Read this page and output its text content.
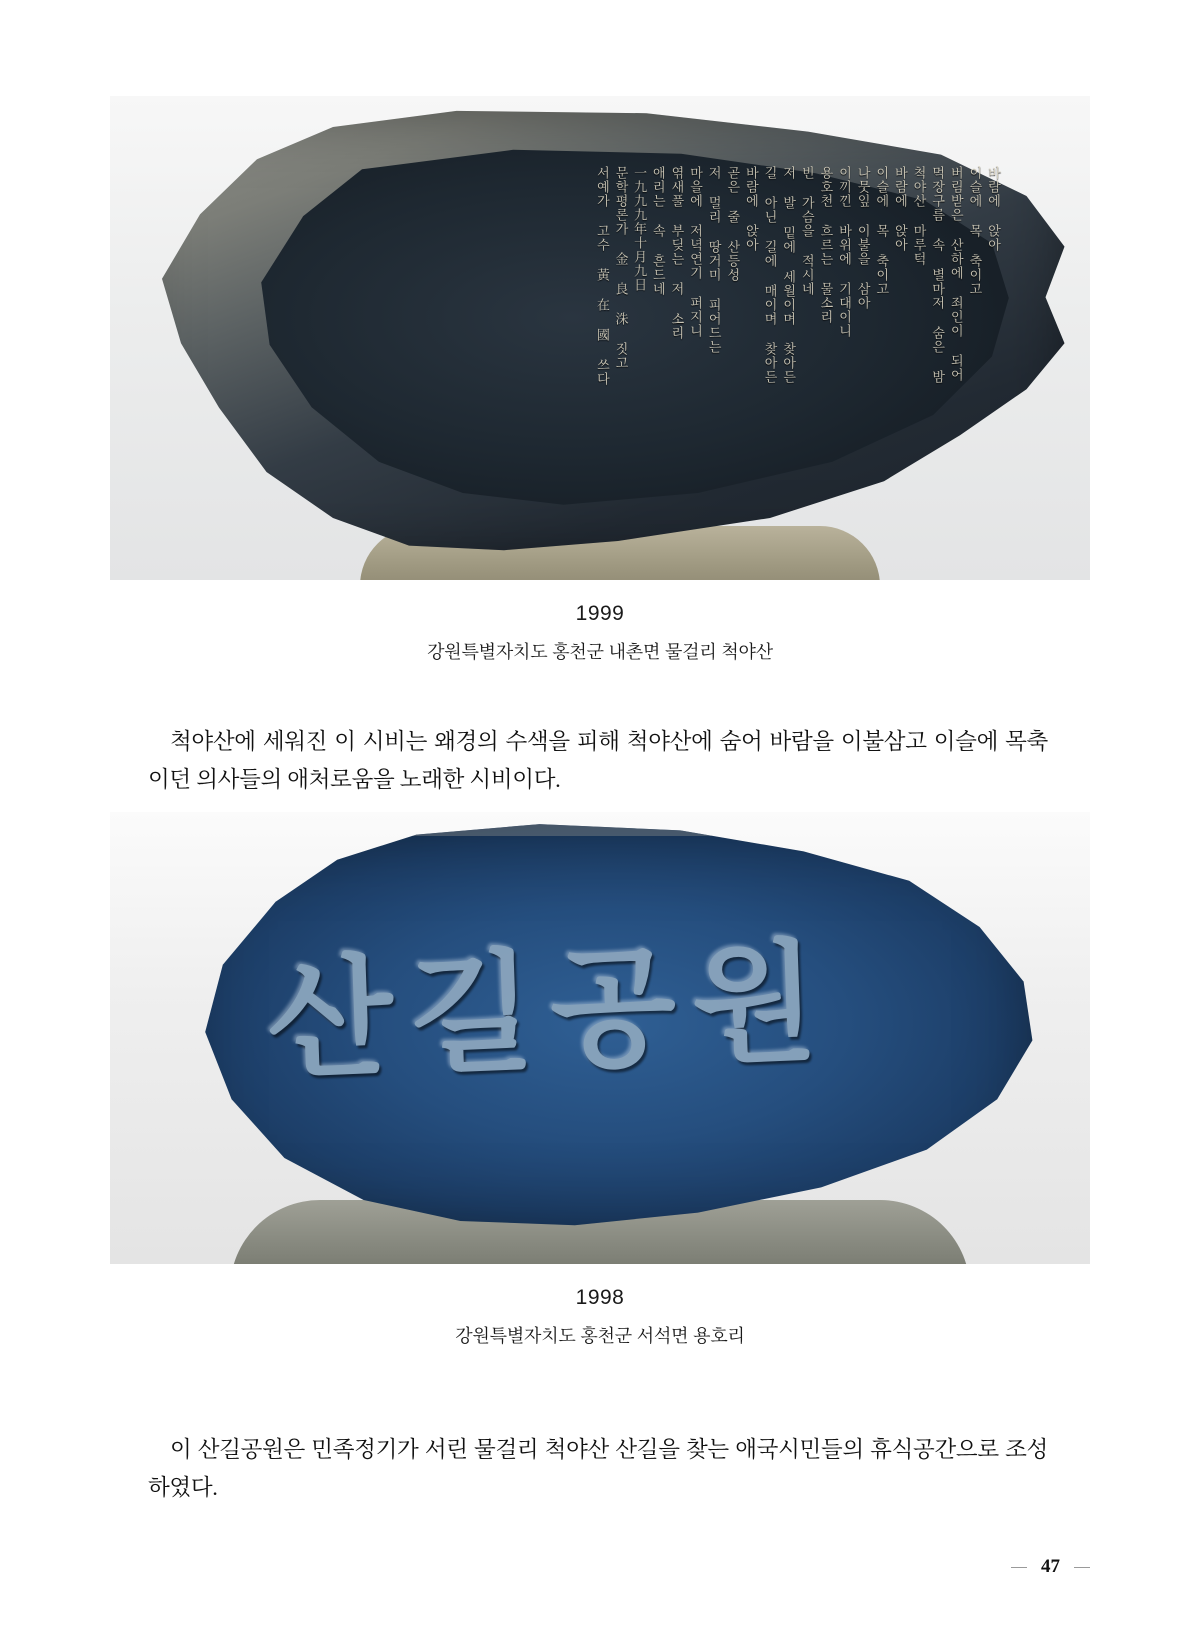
바람에 앉아
이슬에 목 축이고
버림받은 산하에 죄인이 되어
먹장구름 속 별마저 숨은 밤
척야산 마루턱
바람에 앉아
이슬에 목 축이고
나뭇잎 이불을 삼아
이끼낀 바위에 기대이니
용호천 흐르는 물소리
빈 가슴을 적시네
저 발 밑에 세월이며 찾아든
길 아닌 길에 매이며 찾아든
바람에 앉아
곧은 줄 산등성
저 멀리 땅거미 피어드는
마을에 저녁연기 퍼지니
엮새풀 부딪는 저 소리
애리는 속 흔드네
一九九九年十月九日
문학평론가 金 良 洙 짓고
서예가 고수 黃 在 國 쓰다
1999
강원특별자치도 홍천군 내촌면 물걸리 척야산

척야산에 세워진 이 시비는 왜경의 수색을 피해 척야산에 숨어 바람을 이불삼고 이슬에 목축이던 의사들의 애처로움을 노래한 시비이다.

산길공원
1998
강원특별자치도 홍천군 서석면 용호리

이 산길공원은 민족정기가 서린 물걸리 척야산 산길을 찾는 애국시민들의 휴식공간으로 조성하였다.

47
